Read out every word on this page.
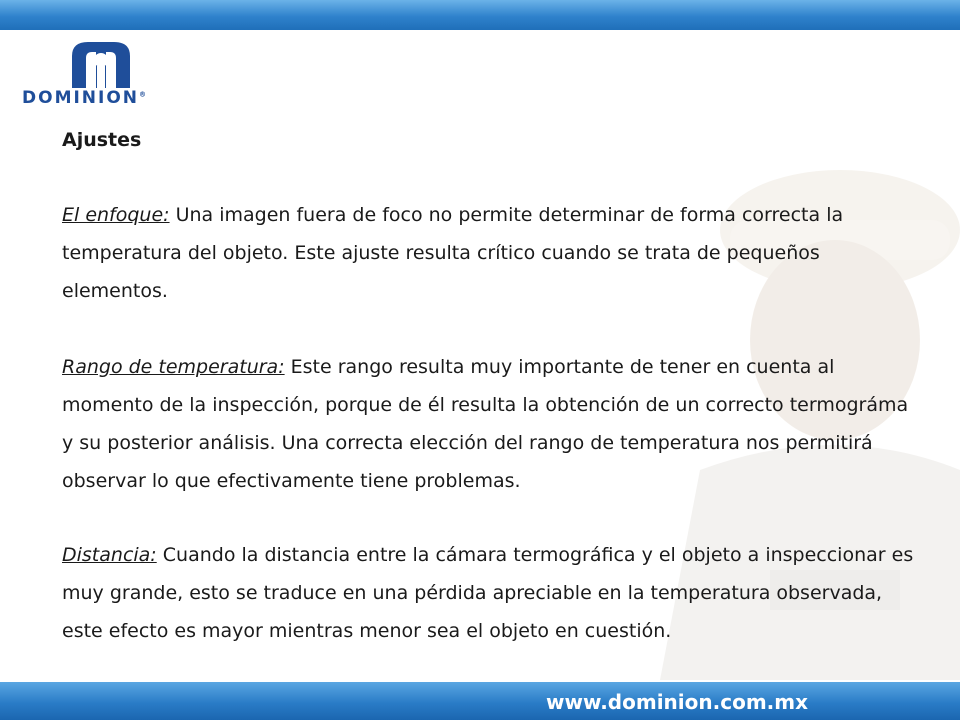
DOMINION®

Ajustes

El enfoque: Una imagen fuera de foco no permite determinar de forma correcta la temperatura del objeto. Este ajuste resulta crítico cuando se trata de pequeños elementos.

Rango de temperatura: Este rango resulta muy importante de tener en cuenta al momento de la inspección, porque de él resulta la obtención de un correcto termográma y su posterior análisis. Una correcta elección del rango de temperatura nos permitirá observar lo que efectivamente tiene problemas.

Distancia: Cuando la distancia entre la cámara termográfica y el objeto a inspeccionar es muy grande, esto se traduce en una pérdida apreciable en la temperatura observada, este efecto es mayor mientras menor sea el objeto en cuestión.

www.dominion.com.mx
